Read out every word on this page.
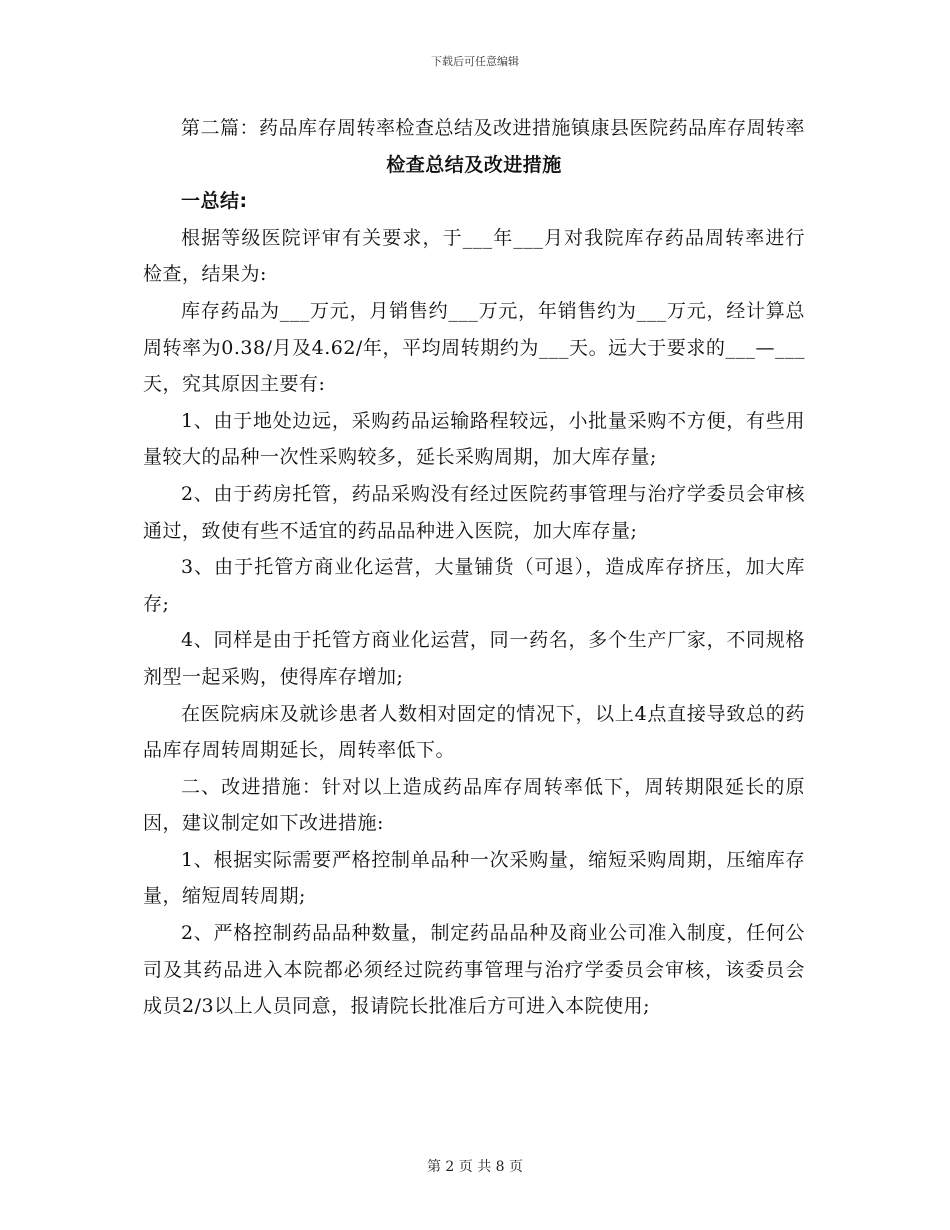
下载后可任意编辑

第二篇：药品库存周转率检查总结及改进措施镇康县医院药品库存周转率

检查总结及改进措施
一总结:

根据等级医院评审有关要求，于___年___月对我院库存药品周转率进行检查，结果为:

库存药品为___万元，月销售约___万元，年销售约为___万元，经计算总周转率为0.38/月及4.62/年，平均周转期约为___天。远大于要求的___—___天，究其原因主要有:

1、由于地处边远，采购药品运输路程较远，小批量采购不方便，有些用量较大的品种一次性采购较多，延长采购周期，加大库存量;

2、由于药房托管，药品采购没有经过医院药事管理与治疗学委员会审核通过，致使有些不适宜的药品品种进入医院，加大库存量;

3、由于托管方商业化运营，大量铺货（可退），造成库存挤压，加大库存;

4、同样是由于托管方商业化运营，同一药名，多个生产厂家，不同规格剂型一起采购，使得库存增加;

在医院病床及就诊患者人数相对固定的情况下，以上4点直接导致总的药品库存周转周期延长，周转率低下。

二、改进措施：针对以上造成药品库存周转率低下，周转期限延长的原因，建议制定如下改进措施:

1、根据实际需要严格控制单品种一次采购量，缩短采购周期，压缩库存量，缩短周转周期;

2、严格控制药品品种数量，制定药品品种及商业公司准入制度，任何公司及其药品进入本院都必须经过院药事管理与治疗学委员会审核，该委员会成员2/3以上人员同意，报请院长批准后方可进入本院使用;

第 2 页 共 8 页
